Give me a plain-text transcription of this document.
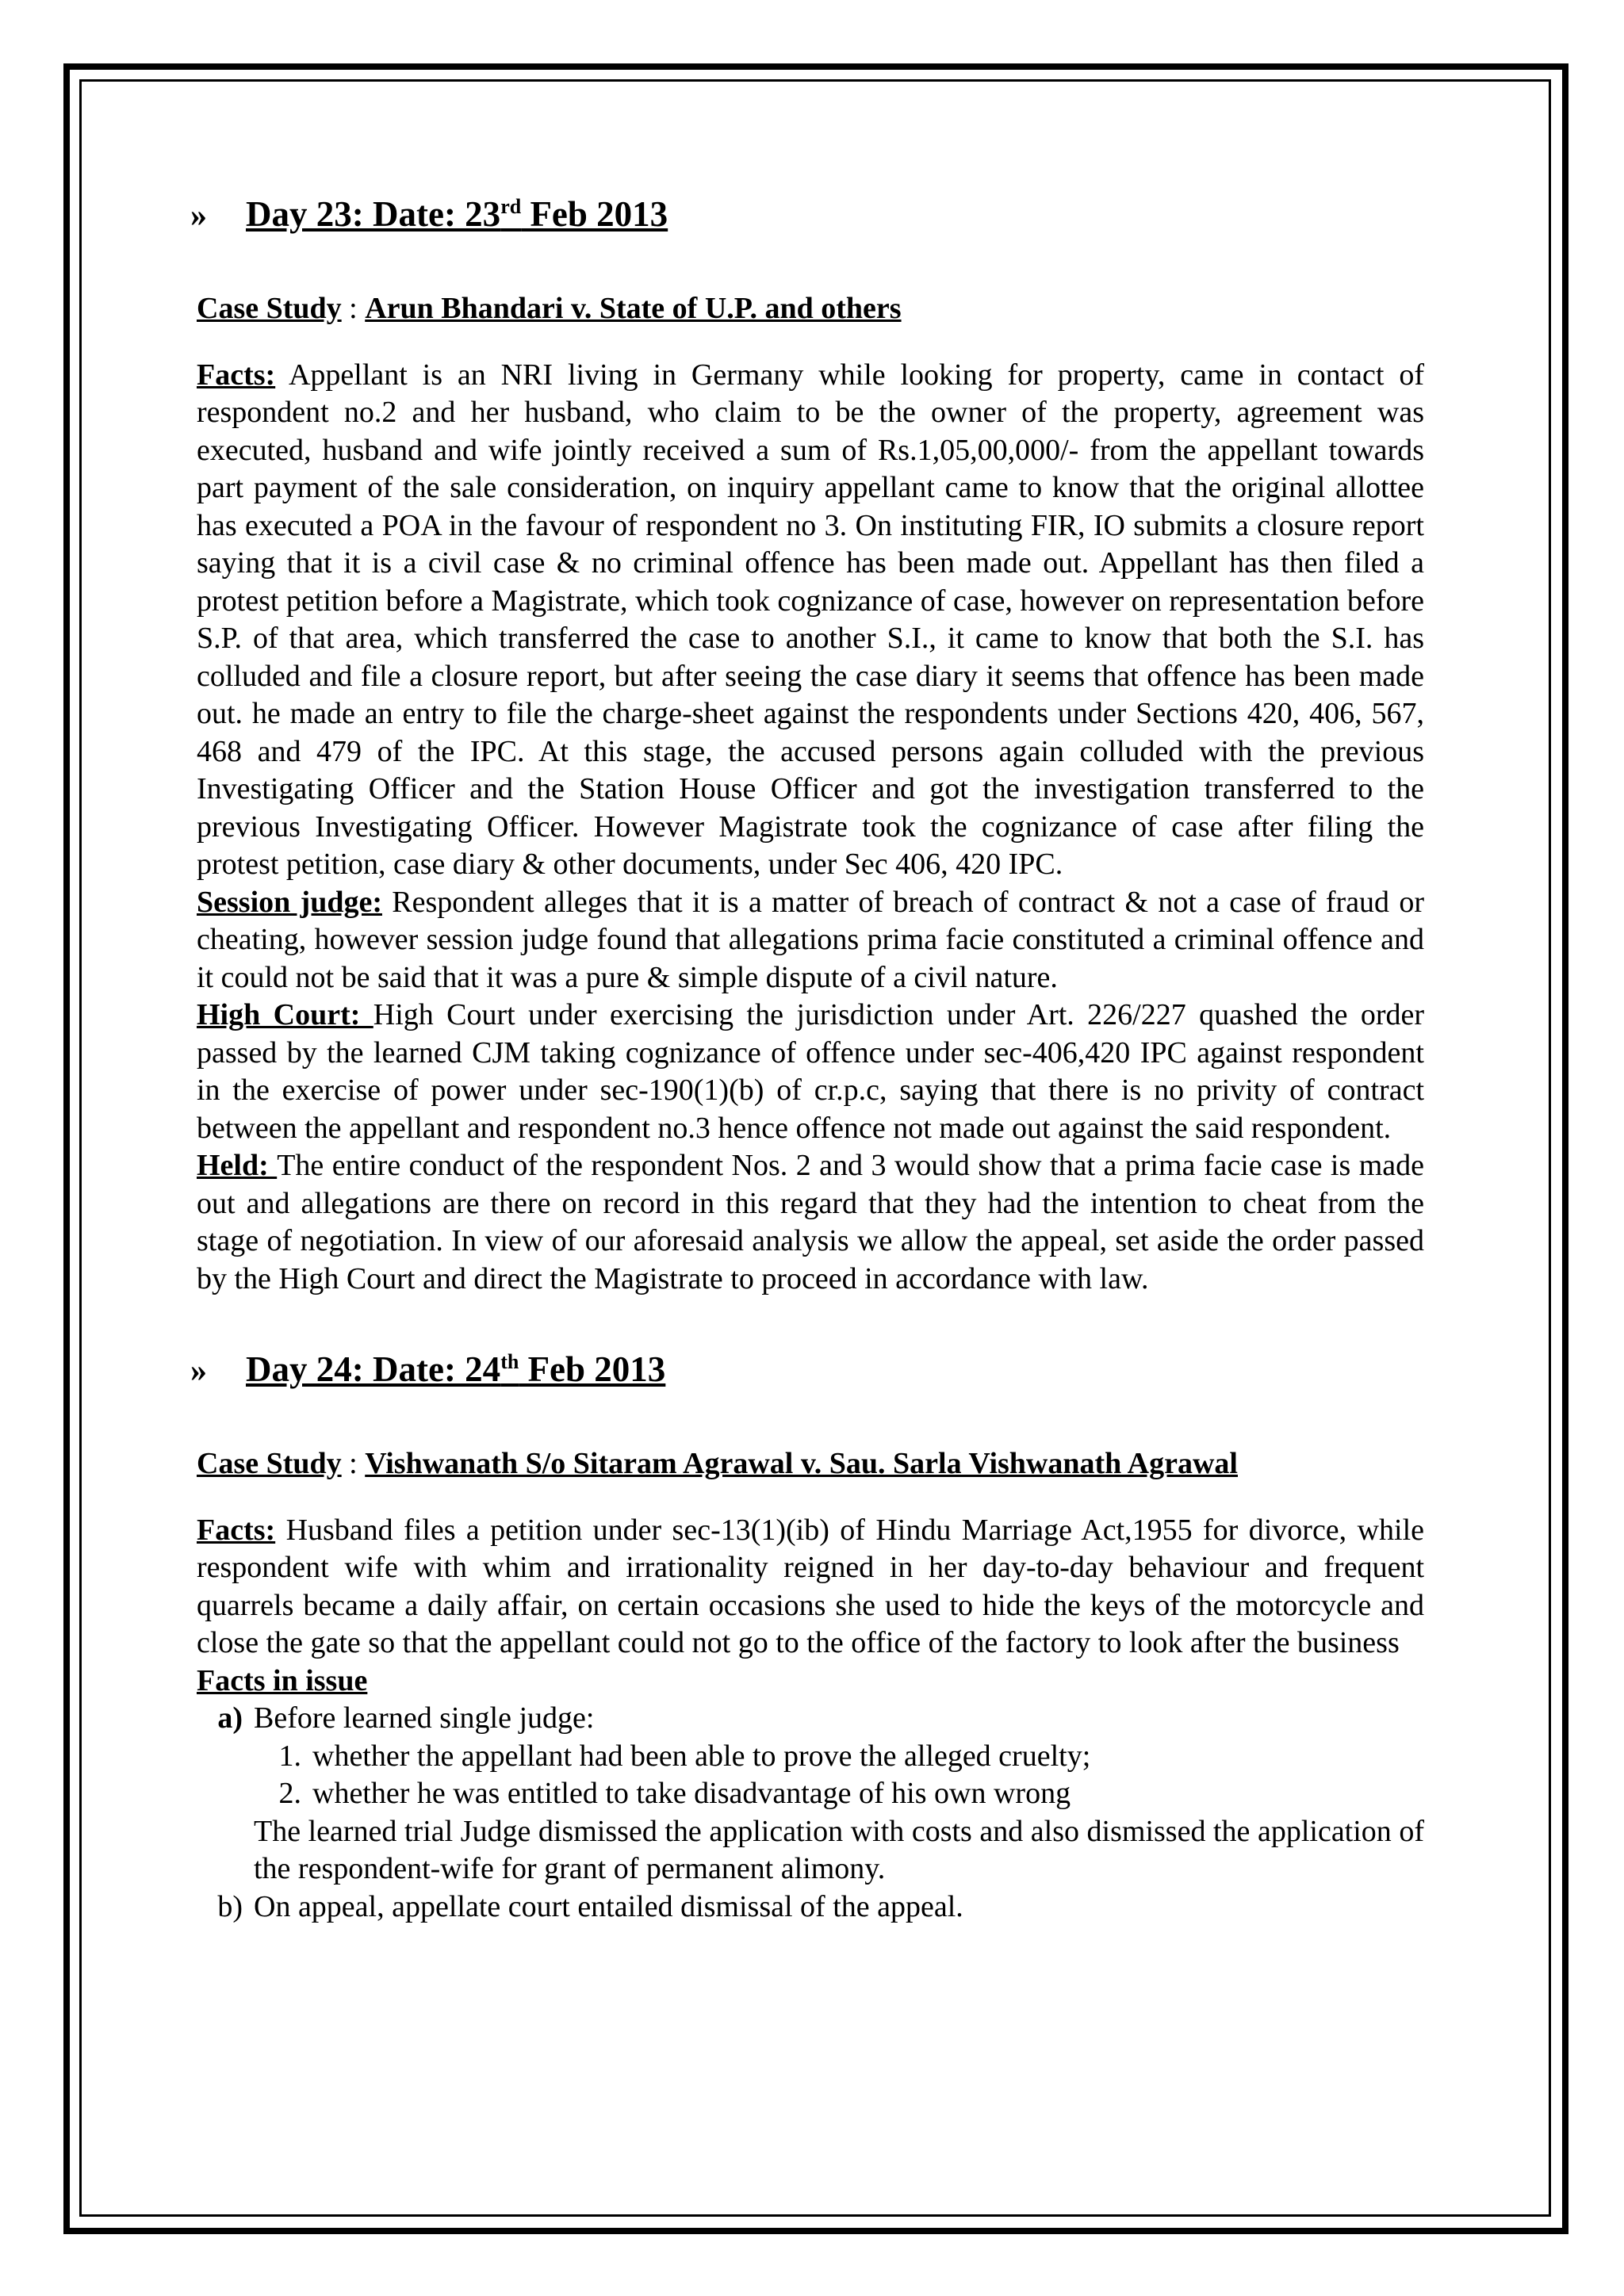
»	Day 23: Date: 23rd Feb 2013
Case Study : Arun Bhandari v. State of U.P. and others

Facts: Appellant is an NRI living in Germany while looking for property, came in contact of respondent no.2 and her husband, who claim to be the owner of the property, agreement was executed, husband and wife jointly received a sum of Rs.1,05,00,000/- from the appellant towards part payment of the sale consideration, on inquiry appellant came to know that the original allottee has executed a POA in the favour of respondent no 3. On instituting FIR, IO submits a closure report saying that it is a civil case & no criminal offence has been made out. Appellant has then filed a protest petition before a Magistrate, which took cognizance of case, however on representation before S.P. of that area, which transferred the case to another S.I., it came to know that both the S.I. has colluded and file a closure report, but after seeing the case diary it seems that offence has been made out. he made an entry to file the charge-sheet against the respondents under Sections 420, 406, 567, 468 and 479 of the IPC. At this stage, the accused persons again colluded with the previous Investigating Officer and the Station House Officer and got the investigation transferred to the previous Investigating Officer. However Magistrate took the cognizance of case after filing the protest petition, case diary & other documents, under Sec 406, 420 IPC.

Session judge: Respondent alleges that it is a matter of breach of contract & not a case of fraud or cheating, however session judge found that allegations prima facie constituted a criminal offence and it could not be said that it was a pure & simple dispute of a civil nature.

High Court: High Court under exercising the jurisdiction under Art. 226/227 quashed the order passed by the learned CJM taking cognizance of offence under sec-406,420 IPC against respondent in the exercise of power under sec-190(1)(b) of cr.p.c, saying that there is no privity of contract between the appellant and respondent no.3 hence offence not made out against the said respondent.

Held: The entire conduct of the respondent Nos. 2 and 3 would show that a prima facie case is made out and allegations are there on record in this regard that they had the intention to cheat from the stage of negotiation. In view of our aforesaid analysis we allow the appeal, set aside the order passed by the High Court and direct the Magistrate to proceed in accordance with law.

»	Day 24: Date: 24th Feb 2013
Case Study : Vishwanath S/o Sitaram Agrawal v. Sau. Sarla Vishwanath Agrawal

Facts: Husband files a petition under sec-13(1)(ib) of Hindu Marriage Act,1955 for divorce, while respondent wife with whim and irrationality reigned in her day-to-day behaviour and frequent quarrels became a daily affair, on certain occasions she used to hide the keys of the motorcycle and close the gate so that the appellant could not go to the office of the factory to look after the business

Facts in issue
a) Before learned single judge:
1. whether the appellant had been able to prove the alleged cruelty;
2. whether he was entitled to take disadvantage of his own wrong

The learned trial Judge dismissed the application with costs and also dismissed the application of the respondent-wife for grant of permanent alimony.

b) On appeal, appellate court entailed dismissal of the appeal.
